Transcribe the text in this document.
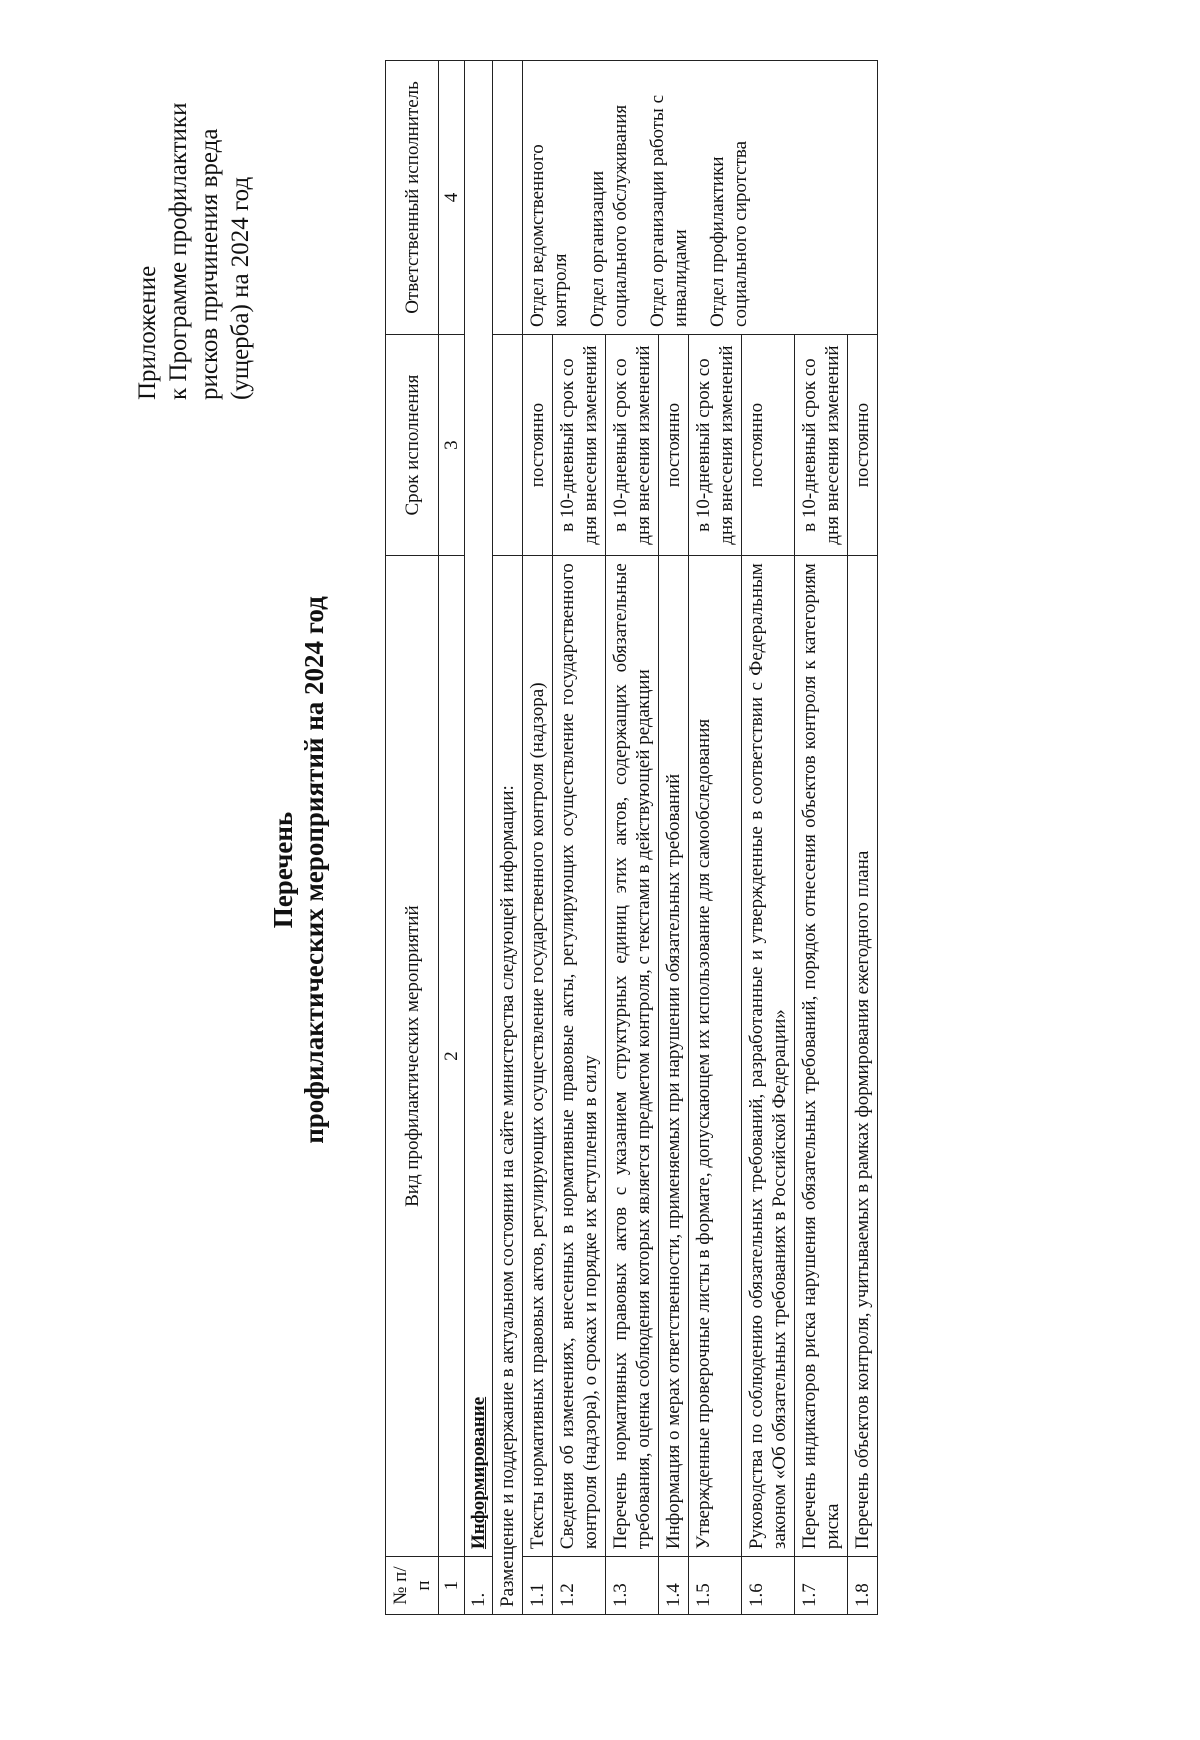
Приложение к Программе профилактики рисков причинения вреда (ущерба) на 2024 год
Перечень профилактических мероприятий на 2024 год
№ п/п	Вид профилактических мероприятий	Срок исполнения	Ответственный исполнитель
1	2	3	4
1.	Информирование		
Размещение и поддержание в актуальном состоянии на сайте министерства следующей информации:			
1.1	Тексты нормативных правовых актов, регулирующих осуществление государственного контроля (надзора)	постоянно	Отдел ведомственного контроля Отдел организации социального обслуживания Отдел организации работы с инвалидами Отдел профилактики социального сиротства

1.2	Сведения об изменениях, внесенных в нормативные правовые акты, регулирующих осуществление государственного контроля (надзора), о сроках и порядке их вступления в силу	в 10-дневный срок со дня внесения изменений	
1.3	Перечень нормативных правовых актов с указанием структурных единиц этих актов, содержащих обязательные требования, оценка соблюдения которых является предметом контроля, с текстами в действующей редакции	в 10-дневный срок со дня внесения изменений	
1.4	Информация о мерах ответственности, применяемых при нарушении обязательных требований	постоянно	
1.5	Утвержденные проверочные листы в формате, допускающем их использование для самообследования	в 10-дневный срок со дня внесения изменений	
1.6	Руководства по соблюдению обязательных требований, разработанные и утвержденные в соответствии с Федеральным законом «Об обязательных требованиях в Российской Федерации»	постоянно	
1.7	Перечень индикаторов риска нарушения обязательных требований, порядок отнесения объектов контроля к категориям риска	в 10-дневный срок со дня внесения изменений	
1.8	Перечень объектов контроля, учитываемых в рамках формирования ежегодного плана	постоянно	
